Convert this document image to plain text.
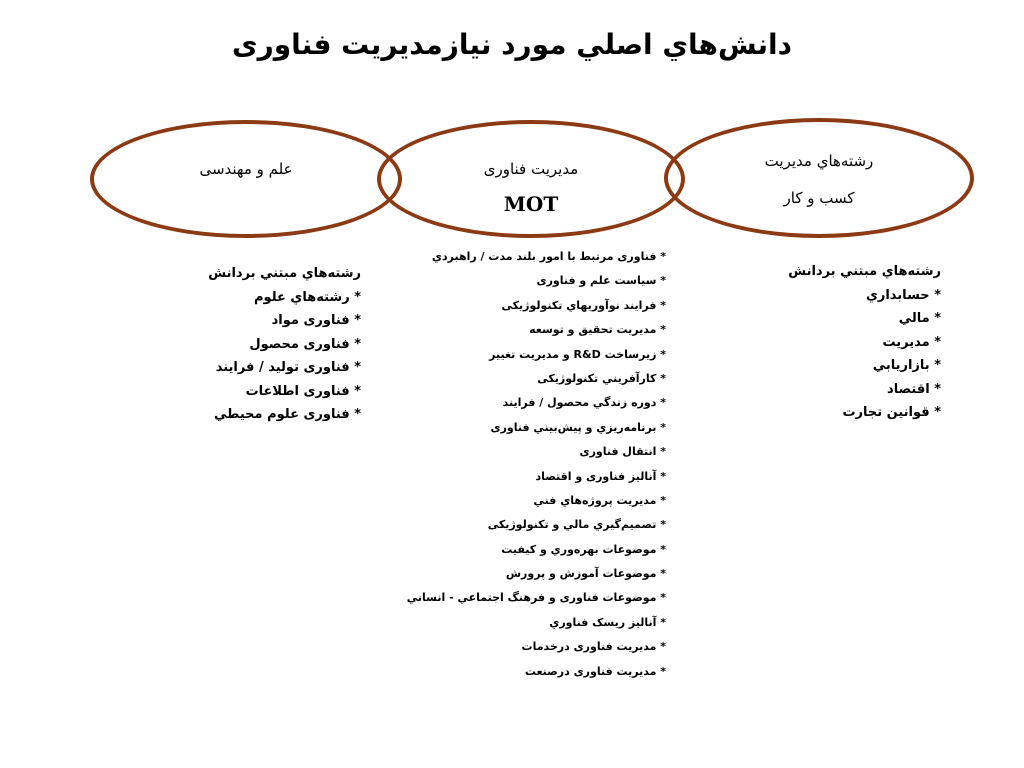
دانش‌هاي اصلي مورد نيازمديريت فناوری
علم و مهندسی	مديريت فناوری
MOT
رشته‌هاي مديريت
کسب و کار
رشته‌هاي مبتني بردانش
* رشته‌هاي علوم
* فناوری مواد
* فناوری محصول
* فناوری توليد / فرايند
* فناوری اطلاعات
* فناوری علوم محيطي
* فناوری مرتبط با امور بلند مدت / راهبردي
* سياست علم و فناوری
* فرايند نوآوريهاي تکنولوژيکی
* مديريت تحقيق و توسعه
* زيرساخت R&D و مديريت تغيير
* کارآفريني تکنولوژيکی
* دوره زندگي محصول / فرايند
* برنامه‌ريزي و پيش‌بيني فناوری
* انتقال فناوری
* آناليز فناوری و اقتصاد
* مديريت پروژه‌هاي فني
* تصميم‌گيري مالي و تکنولوژيکی
* موضوعات بهره‌وري و کيفيت
* موضوعات آموزش و پرورش
* موضوعات فناوری و فرهنگ اجتماعي - انساني
* آناليز ريسک فناوري
* مديريت فناوری درخدمات
* مديريت فناوری درصنعت
رشته‌هاي مبتني بردانش
* حسابداري
* مالي
* مديريت
* بازاريابي
* اقتصاد
* قوانين تجارت
